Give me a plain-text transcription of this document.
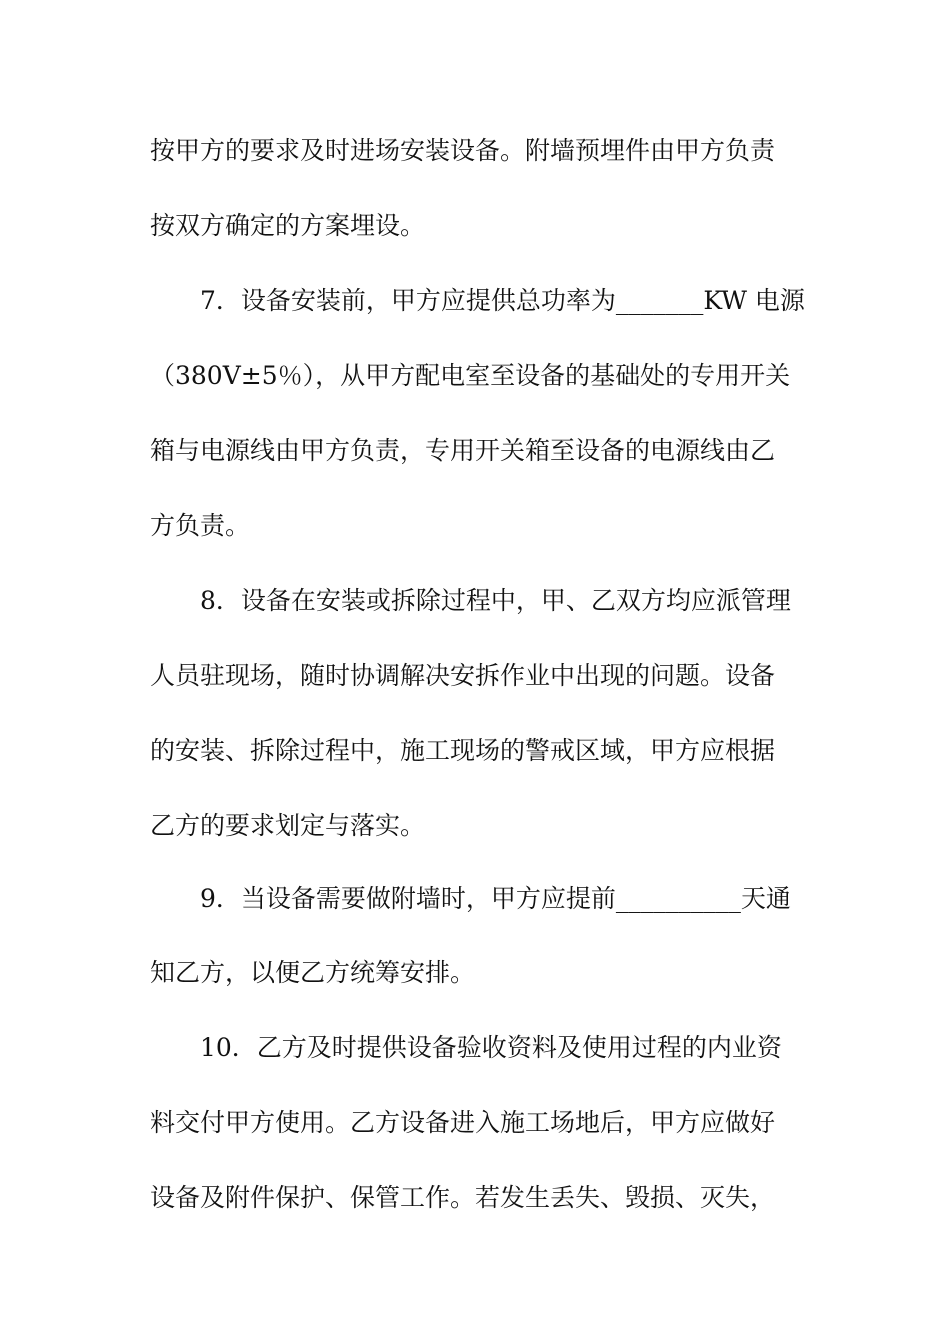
按甲方的要求及时进场安装设备。附墙预埋件由甲方负责
按双方确定的方案埋设。
7．设备安装前，甲方应提供总功率为_______KW 电源
（380V±5％），从甲方配电室至设备的基础处的专用开关
箱与电源线由甲方负责，专用开关箱至设备的电源线由乙
方负责。
8．设备在安装或拆除过程中，甲、乙双方均应派管理
人员驻现场，随时协调解决安拆作业中出现的问题。设备
的安装、拆除过程中，施工现场的警戒区域，甲方应根据
乙方的要求划定与落实。
9．当设备需要做附墙时，甲方应提前__________天通
知乙方，以便乙方统筹安排。
10．乙方及时提供设备验收资料及使用过程的内业资
料交付甲方使用。乙方设备进入施工场地后，甲方应做好
设备及附件保护、保管工作。若发生丢失、毁损、灭失，
